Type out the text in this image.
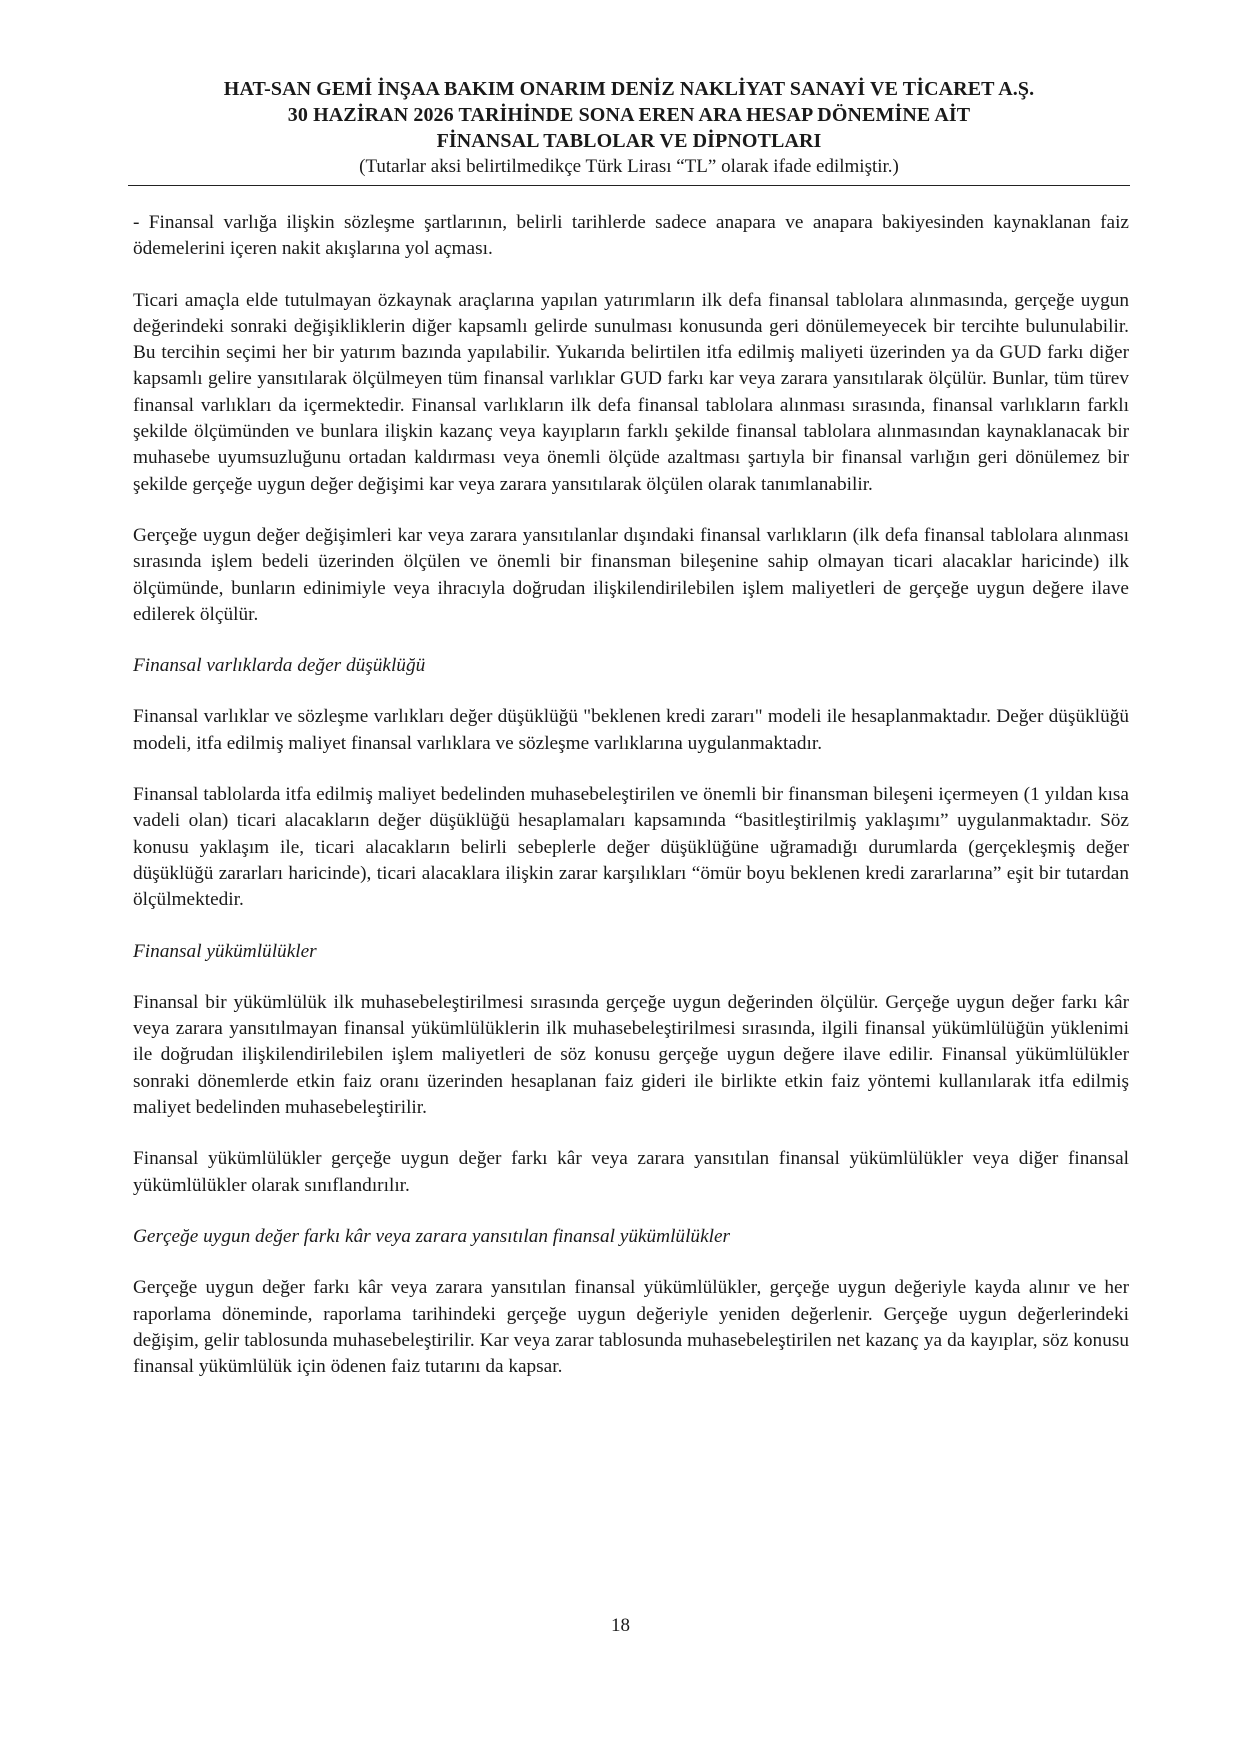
HAT-SAN GEMİ İNŞAA BAKIM ONARIM DENİZ NAKLİYAT SANAYİ VE TİCARET A.Ş.
30 HAZİRAN 2026 TARİHİNDE SONA EREN ARA HESAP DÖNEMİNE AİT
FİNANSAL TABLOLAR VE DİPNOTLARI
(Tutarlar aksi belirtilmedikçe Türk Lirası “TL” olarak ifade edilmiştir.)

- Finansal varlığa ilişkin sözleşme şartlarının, belirli tarihlerde sadece anapara ve anapara bakiyesinden kaynaklanan faiz ödemelerini içeren nakit akışlarına yol açması.

Ticari amaçla elde tutulmayan özkaynak araçlarına yapılan yatırımların ilk defa finansal tablolara alınmasında, gerçeğe uygun değerindeki sonraki değişikliklerin diğer kapsamlı gelirde sunulması konusunda geri dönülemeyecek bir tercihte bulunulabilir. Bu tercihin seçimi her bir yatırım bazında yapılabilir. Yukarıda belirtilen itfa edilmiş maliyeti üzerinden ya da GUD farkı diğer kapsamlı gelire yansıtılarak ölçülmeyen tüm finansal varlıklar GUD farkı kar veya zarara yansıtılarak ölçülür. Bunlar, tüm türev finansal varlıkları da içermektedir. Finansal varlıkların ilk defa finansal tablolara alınması sırasında, finansal varlıkların farklı şekilde ölçümünden ve bunlara ilişkin kazanç veya kayıpların farklı şekilde finansal tablolara alınmasından kaynaklanacak bir muhasebe uyumsuzluğunu ortadan kaldırması veya önemli ölçüde azaltması şartıyla bir finansal varlığın geri dönülemez bir şekilde gerçeğe uygun değer değişimi kar veya zarara yansıtılarak ölçülen olarak tanımlanabilir.

Gerçeğe uygun değer değişimleri kar veya zarara yansıtılanlar dışındaki finansal varlıkların (ilk defa finansal tablolara alınması sırasında işlem bedeli üzerinden ölçülen ve önemli bir finansman bileşenine sahip olmayan ticari alacaklar haricinde) ilk ölçümünde, bunların edinimiyle veya ihracıyla doğrudan ilişkilendirilebilen işlem maliyetleri de gerçeğe uygun değere ilave edilerek ölçülür.

Finansal varlıklarda değer düşüklüğü

Finansal varlıklar ve sözleşme varlıkları değer düşüklüğü "beklenen kredi zararı" modeli ile hesaplanmaktadır. Değer düşüklüğü modeli, itfa edilmiş maliyet finansal varlıklara ve sözleşme varlıklarına uygulanmaktadır.

Finansal tablolarda itfa edilmiş maliyet bedelinden muhasebeleştirilen ve önemli bir finansman bileşeni içermeyen (1 yıldan kısa vadeli olan) ticari alacakların değer düşüklüğü hesaplamaları kapsamında “basitleştirilmiş yaklaşımı” uygulanmaktadır. Söz konusu yaklaşım ile, ticari alacakların belirli sebeplerle değer düşüklüğüne uğramadığı durumlarda (gerçekleşmiş değer düşüklüğü zararları haricinde), ticari alacaklara ilişkin zarar karşılıkları “ömür boyu beklenen kredi zararlarına” eşit bir tutardan ölçülmektedir.

Finansal yükümlülükler

Finansal bir yükümlülük ilk muhasebeleştirilmesi sırasında gerçeğe uygun değerinden ölçülür. Gerçeğe uygun değer farkı kâr veya zarara yansıtılmayan finansal yükümlülüklerin ilk muhasebeleştirilmesi sırasında, ilgili finansal yükümlülüğün yüklenimi ile doğrudan ilişkilendirilebilen işlem maliyetleri de söz konusu gerçeğe uygun değere ilave edilir. Finansal yükümlülükler sonraki dönemlerde etkin faiz oranı üzerinden hesaplanan faiz gideri ile birlikte etkin faiz yöntemi kullanılarak itfa edilmiş maliyet bedelinden muhasebeleştirilir.

Finansal yükümlülükler gerçeğe uygun değer farkı kâr veya zarara yansıtılan finansal yükümlülükler veya diğer finansal yükümlülükler olarak sınıflandırılır.

Gerçeğe uygun değer farkı kâr veya zarara yansıtılan finansal yükümlülükler

Gerçeğe uygun değer farkı kâr veya zarara yansıtılan finansal yükümlülükler, gerçeğe uygun değeriyle kayda alınır ve her raporlama döneminde, raporlama tarihindeki gerçeğe uygun değeriyle yeniden değerlenir. Gerçeğe uygun değerlerindeki değişim, gelir tablosunda muhasebeleştirilir. Kar veya zarar tablosunda muhasebeleştirilen net kazanç ya da kayıplar, söz konusu finansal yükümlülük için ödenen faiz tutarını da kapsar.

18
